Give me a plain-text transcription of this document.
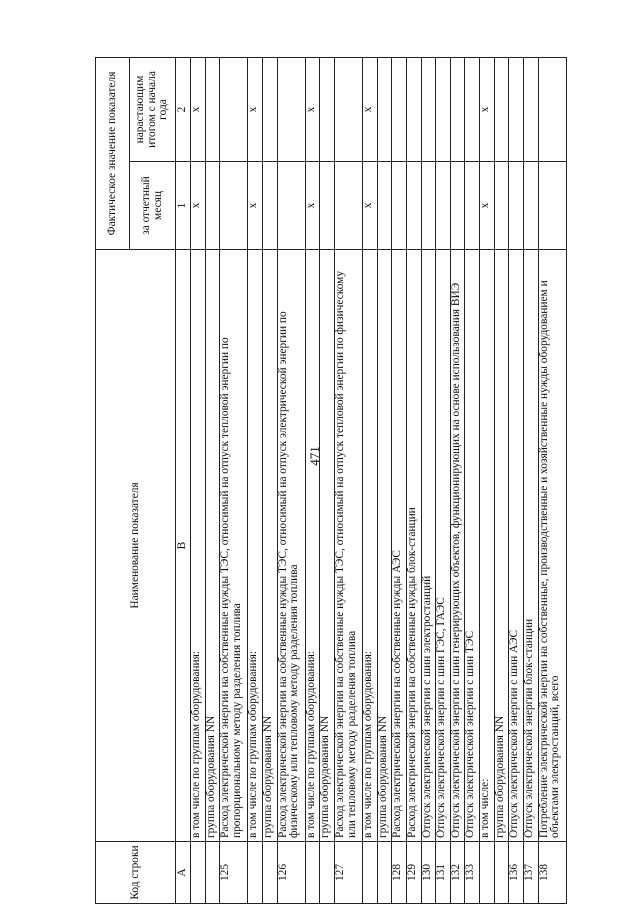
471
Код строки	Наименование показателя	Фактическое значение показателя	
		за отчетный месяц	нарастающим итогом с начала года
А	В	1	2
	в том числе по группам оборудования:	х	х
	группа оборудования NN		
125	Расход электрической энергии на собственные нужды ТЭС, относимый на отпуск тепловой энергии по пропорциональному методу разделения топлива		
	в том числе по группам оборудования:	х	х
	группа оборудования NN		
126	Расход электрической энергии на собственные нужды ТЭС, относимый на отпуск электрической энергии по физическому или тепловому методу разделения топлива		
	в том числе по группам оборудования:	х	х
	группа оборудования NN		
127	Расход электрической энергии на собственные нужды ТЭС, относимый на отпуск тепловой энергии по физическому или тепловому методу разделения топлива		
	в том числе по группам оборудования:	х	х
	группа оборудования NN		
128	Расход электрической энергии на собственные нужды АЭС		
129	Расход электрической энергии на собственные нужды блок-станции		
130	Отпуск электрической энергии с шин электростанций		
131	Отпуск электрической энергии с шин ГЭС, ГАЭС		
132	Отпуск электрической энергии с шин генерирующих объектов, функционирующих на основе использования ВИЭ		
133	Отпуск электрической энергии с шин ТЭС		
	в том числе:	х	х
	группа оборудования NN		
136	Отпуск электрической энергии с шин АЭС		
137	Отпуск электрической энергии блок-станции		
138	Потребление электрической энергии на собственные, производственные и хозяйственные нужды оборудованием и объектами электростанций, всего		
